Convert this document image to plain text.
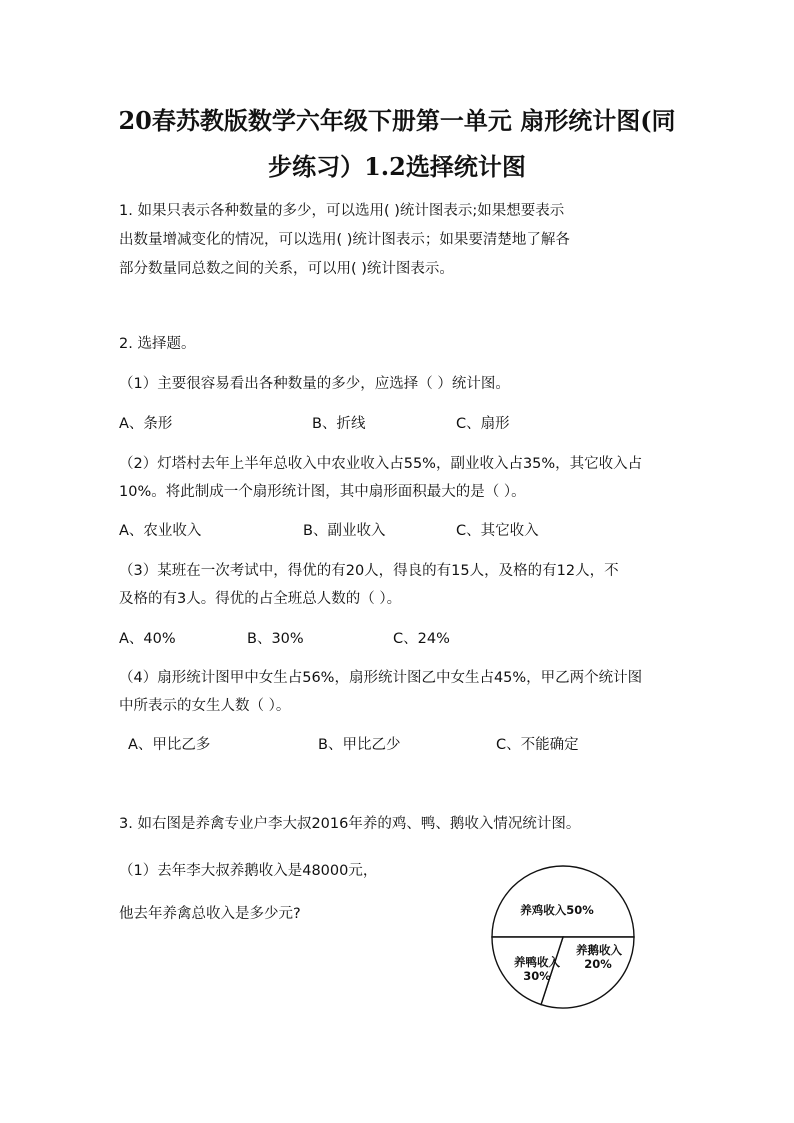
20春苏教版数学六年级下册第一单元 扇形统计图(同
步练习）1.2选择统计图
1. 如果只表示各种数量的多少，可以选用( )统计图表示;如果想要表示
出数量增减变化的情况，可以选用( )统计图表示；如果要清楚地了解各
部分数量同总数之间的关系，可以用( )统计图表示。
2. 选择题。
（1）主要很容易看出各种数量的多少，应选择（ ）统计图。
A、条形	B、折线	C、扇形
（2）灯塔村去年上半年总收入中农业收入占55%，副业收入占35%，其它收入占
10%。将此制成一个扇形统计图，其中扇形面积最大的是（ ）。
A、农业收入	B、副业收入	C、其它收入
（3）某班在一次考试中，得优的有20人，得良的有15人，及格的有12人，不
及格的有3人。得优的占全班总人数的（ ）。
A、40%	B、30%	C、24%
（4）扇形统计图甲中女生占56%，扇形统计图乙中女生占45%，甲乙两个统计图
中所表示的女生人数（ ）。
A、甲比乙多	B、甲比乙少	C、不能确定
3. 如右图是养禽专业户李大叔2016年养的鸡、鸭、鹅收入情况统计图。
（1）去年李大叔养鹅收入是48000元，
他去年养禽总收入是多少元?	养鸡收入50%
养鸭收入
30%
养鹅收入
20%
